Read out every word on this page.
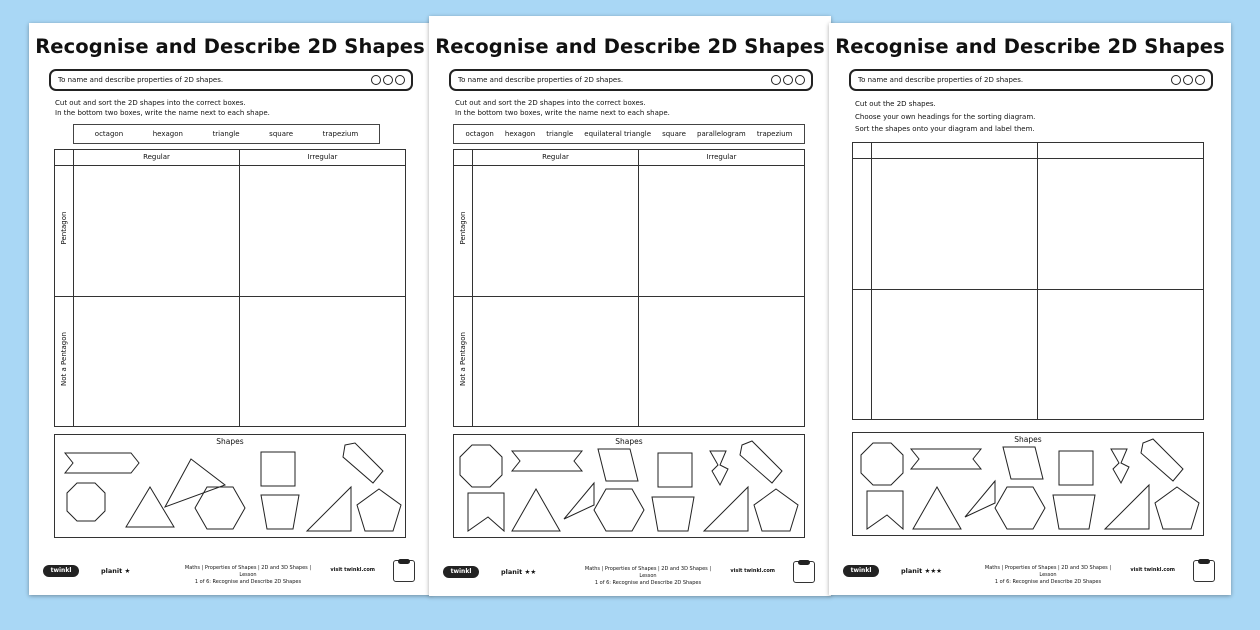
Recognise and Describe 2D Shapes
To name and describe properties of 2D shapes.
Cut out and sort the 2D shapes into the correct boxes.
In the bottom two boxes, write the name next to each shape.
octagon	hexagon	triangle	square	trapezium
Regular	Irregular
Pentagon
Not a Pentagon
Shapes
twinkl	planit ★	Maths | Properties of Shapes | 2D and 3D Shapes | Lesson
1 of 6: Recognise and Describe 2D Shapes
visit twinkl.com
Recognise and Describe 2D Shapes
To name and describe properties of 2D shapes.
Cut out and sort the 2D shapes into the correct boxes.
In the bottom two boxes, write the name next to each shape.
octagon hexagon triangle equilateral triangle square parallelogram trapezium
Regular	Irregular
Pentagon
Not a Pentagon
Shapes
twinkl	planit ★★	Maths | Properties of Shapes | 2D and 3D Shapes | Lesson
1 of 6: Recognise and Describe 2D Shapes
visit twinkl.com
Recognise and Describe 2D Shapes
To name and describe properties of 2D shapes.
Cut out the 2D shapes.
Choose your own headings for the sorting diagram.
Sort the shapes onto your diagram and label them.
Shapes
twinkl	planit ★★★	Maths | Properties of Shapes | 2D and 3D Shapes | Lesson
1 of 6: Recognise and Describe 2D Shapes
visit twinkl.com
